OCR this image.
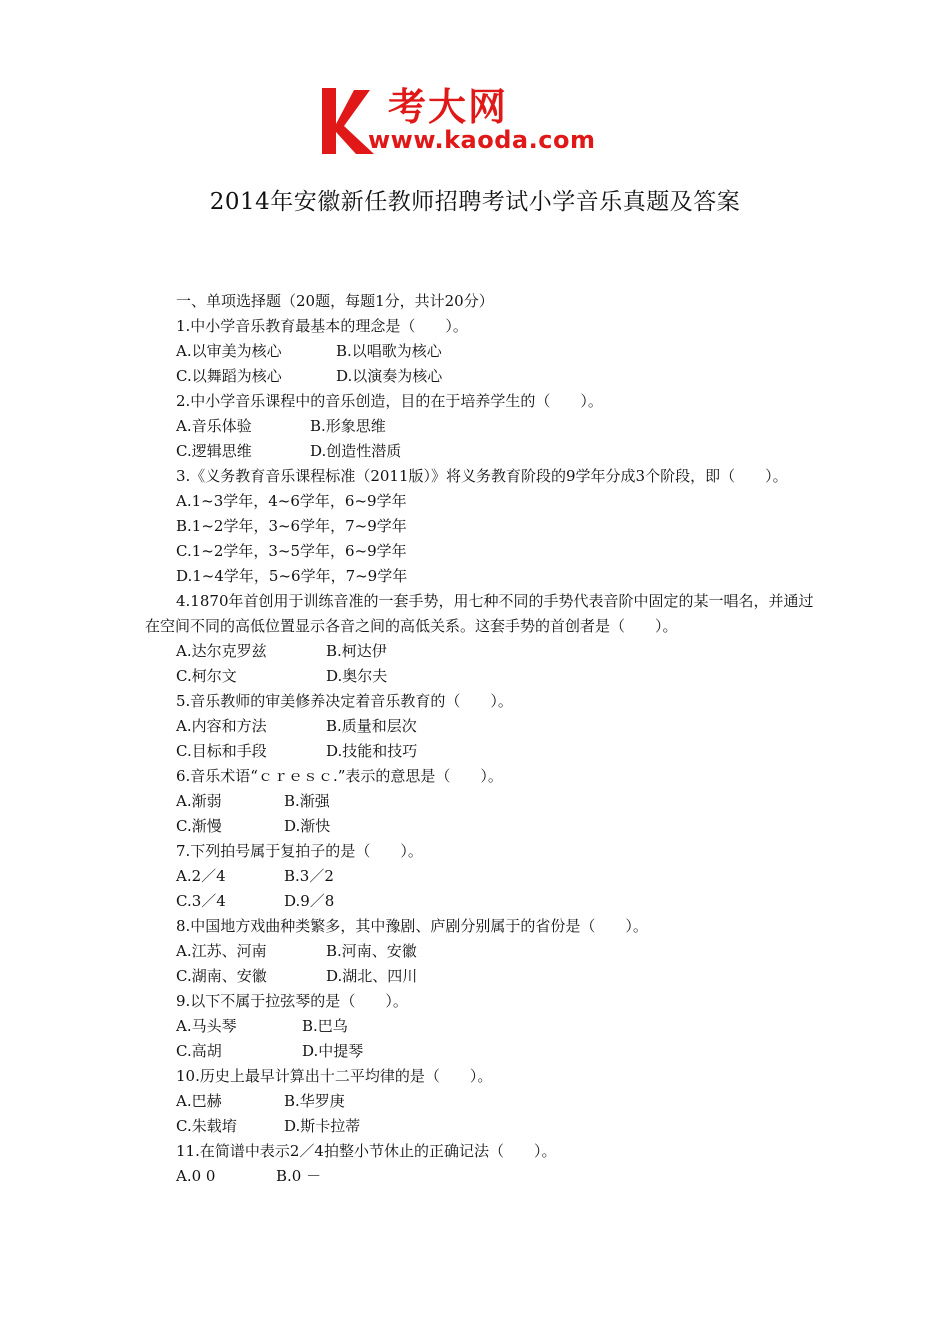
考大网
www.kaoda.com
2014年安徽新任教师招聘考试小学音乐真题及答案
一、单项选择题（20题，每题1分，共计20分）
1.中小学音乐教育最基本的理念是（　　）。
A.以审美为核心	B.以唱歌为核心
C.以舞蹈为核心	D.以演奏为核心
2.中小学音乐课程中的音乐创造，目的在于培养学生的（　　）。
A.音乐体验	B.形象思维
C.逻辑思维	D.创造性潜质
3.《义务教育音乐课程标准（2011版）》将义务教育阶段的9学年分成3个阶段，即（　　）。
A.1~3学年，4~6学年，6~9学年
B.1~2学年，3~6学年，7~9学年
C.1~2学年，3~5学年，6~9学年
D.1~4学年，5~6学年，7~9学年
4.1870年首创用于训练音准的一套手势，用七种不同的手势代表音阶中固定的某一唱名，并通过在空间不同的高低位置显示各音之间的高低关系。这套手势的首创者是（　　）。
A.达尔克罗兹	B.柯达伊
C.柯尔文	D.奥尔夫
5.音乐教师的审美修养决定着音乐教育的（　　）。
A.内容和方法	B.质量和层次
C.目标和手段	D.技能和技巧
6.音乐术语“ｃｒｅｓｃ.”表示的意思是（　　）。
A.渐弱	B.渐强
C.渐慢	D.渐快
7.下列拍号属于复拍子的是（　　）。
A.2／4	B.3／2
C.3／4	D.9／8
8.中国地方戏曲种类繁多，其中豫剧、庐剧分别属于的省份是（　　）。
A.江苏、河南	B.河南、安徽
C.湖南、安徽	D.湖北、四川
9.以下不属于拉弦琴的是（　　）。
A.马头琴	B.巴乌
C.高胡	D.中提琴
10.历史上最早计算出十二平均律的是（　　）。
A.巴赫	B.华罗庚
C.朱载堉	D.斯卡拉蒂
11.在简谱中表示2／4拍整小节休止的正确记法（　　）。
A.0 0	B.0 －
